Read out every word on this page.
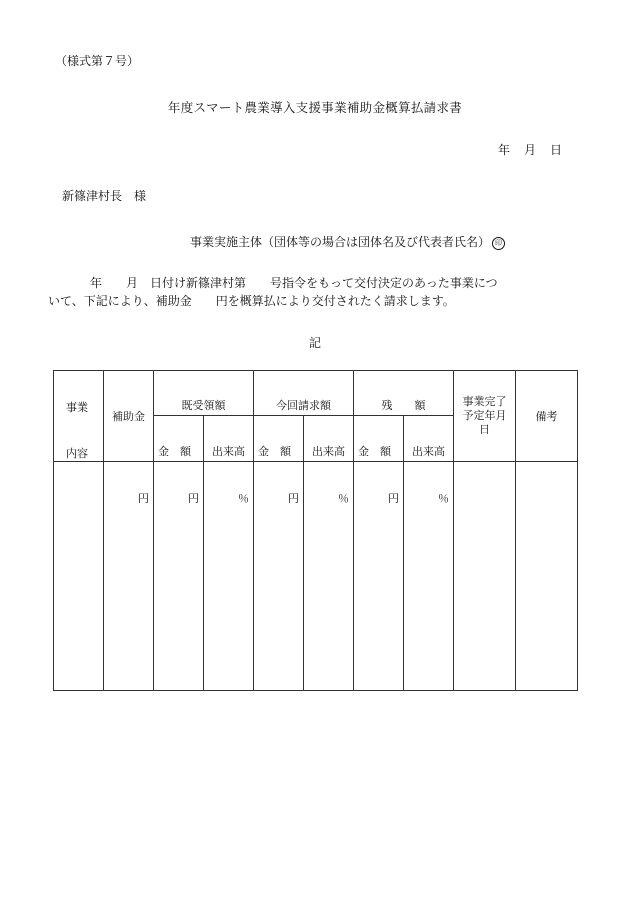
（様式第７号）
年度スマート農業導入支援事業補助金概算払請求書
年 月 日
新篠津村長　様
事業実施主体（団体等の場合は団体名及び代表者氏名） 印
年　　月　日付け新篠津村第　　号指令をもって交付決定のあった事業につ
いて、下記により、補助金　　円を概算払により交付されたく請求します。
記
事業
内容	補助金	既受領額		今回請求額		残　　額		事業完了予定年月日	備考
		金　額	出来高	金　額	出来高	金　額	出来高		
	円	円	％	円	％	円	％		
